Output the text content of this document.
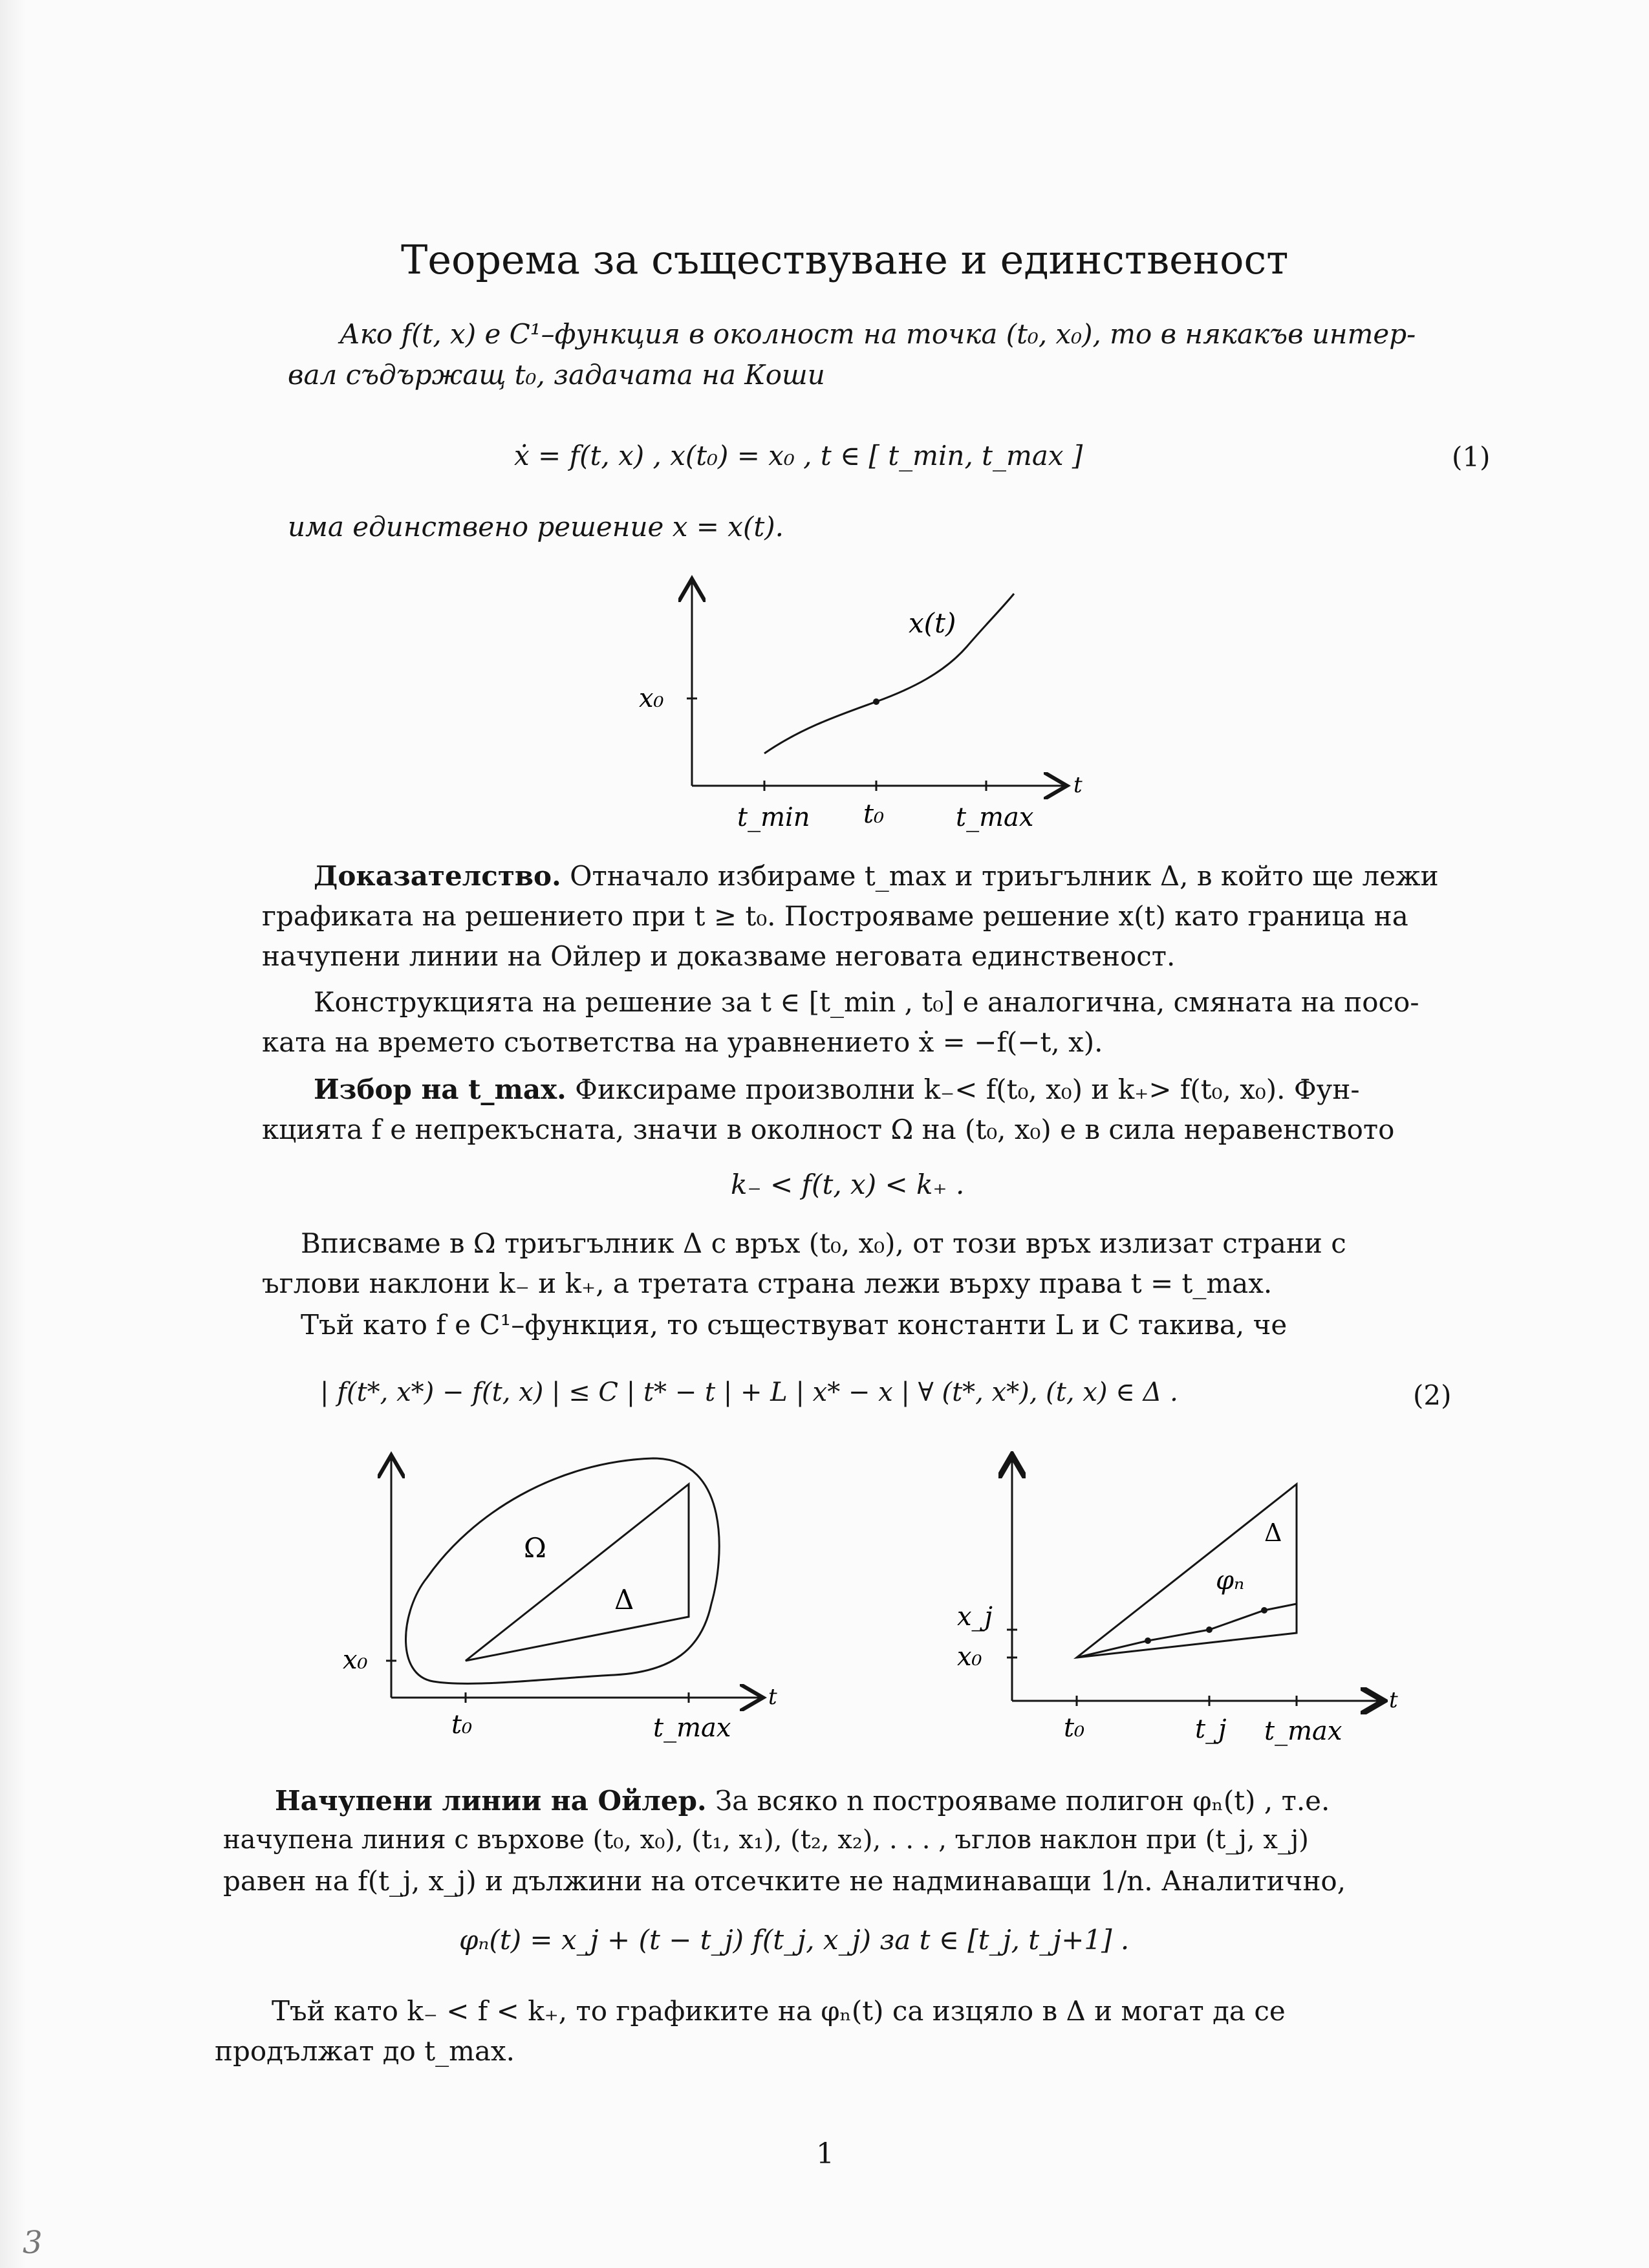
Теорема за съществуване и единственост
Ако f(t, x) е C¹–функция в околност на точка (t₀, x₀), то в някакъв интер-
вал съдържащ t₀, задачата на Коши
ẋ = f(t, x) , x(t₀) = x₀ , t ∈ [ t_min, t_max ]	(1)
има единствено решение x = x(t).
x(t)
x₀
t
t_min t₀	t_max
Доказателство. Отначало избираме t_max и триъгълник Δ, в който ще лежи
графиката на решението при t ≥ t₀. Построяваме решение x(t) като граница на
начупени линии на Ойлер и доказваме неговата единственост.
Конструкцията на решение за t ∈ [t_min , t₀] е аналогична, смяната на посо-
ката на времето съответства на уравнението ẋ = −f(−t, x).
Избор на t_max. Фиксираме произволни k₋< f(t₀, x₀) и k₊> f(t₀, x₀). Фун-
кцията f е непрекъсната, значи в околност Ω на (t₀, x₀) е в сила неравенството
k₋ < f(t, x) < k₊ .
Вписваме в Ω триъгълник Δ с връх (t₀, x₀), от този връх излизат страни с
ъглови наклони k₋ и k₊, а третата страна лежи върху права t = t_max.
Тъй като f е C¹–функция, то съществуват константи L и C такива, че
| f(t*, x*) − f(t, x) | ≤ C | t* − t | + L | x* − x | ∀ (t*, x*), (t, x) ∈ Δ .	(2)
Ω
Δ
x₀
t
t₀	t_max
Δ
φₙ
x_j
x₀
t
t₀	t_j t_max
Начупени линии на Ойлер. За всяко n построяваме полигон φₙ(t) , т.е.
начупена линия с върхове (t₀, x₀), (t₁, x₁), (t₂, x₂), . . . , ъглов наклон при (t_j, x_j)
равен на f(t_j, x_j) и дължини на отсечките не надминаващи 1/n. Аналитично,
φₙ(t) = x_j + (t − t_j) f(t_j, x_j) за t ∈ [t_j, t_j+1] .
Тъй като k₋ < f < k₊, то графиките на φₙ(t) са изцяло в Δ и могат да се
продължат до t_max.
1
3
